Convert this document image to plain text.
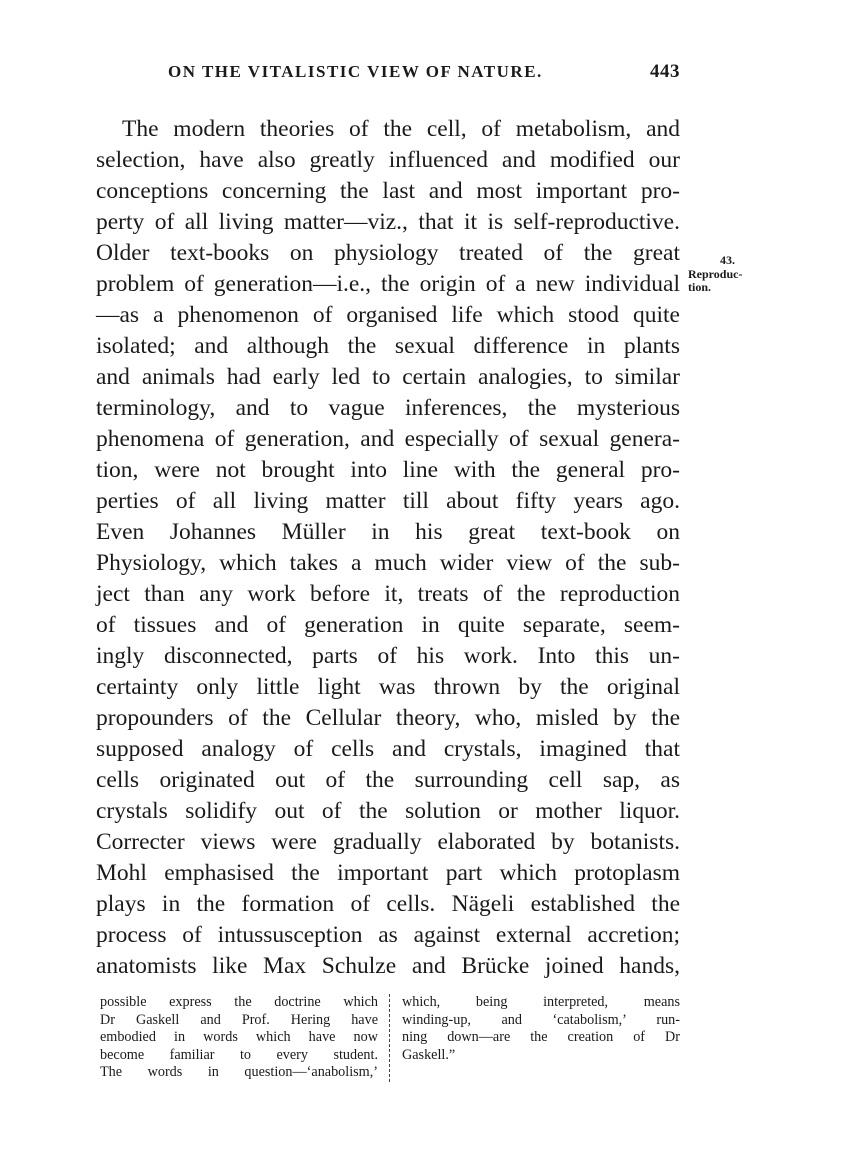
ON THE VITALISTIC VIEW OF NATURE.	443
The modern theories of the cell, of metabolism, and
selection, have also greatly influenced and modified our
conceptions concerning the last and most important pro-
perty of all living matter—viz., that it is self-reproductive.
Older text-books on physiology treated of the great
problem of generation—i.e., the origin of a new individual
—as a phenomenon of organised life which stood quite
isolated; and although the sexual difference in plants
and animals had early led to certain analogies, to similar
terminology, and to vague inferences, the mysterious
phenomena of generation, and especially of sexual genera-
tion, were not brought into line with the general pro-
perties of all living matter till about fifty years ago.
Even Johannes Müller in his great text-book on
Physiology, which takes a much wider view of the sub-
ject than any work before it, treats of the reproduction
of tissues and of generation in quite separate, seem-
ingly disconnected, parts of his work. Into this un-
certainty only little light was thrown by the original
propounders of the Cellular theory, who, misled by the
supposed analogy of cells and crystals, imagined that
cells originated out of the surrounding cell sap, as
crystals solidify out of the solution or mother liquor.
Correcter views were gradually elaborated by botanists.
Mohl emphasised the important part which protoplasm
plays in the formation of cells. Nägeli established the
process of intussusception as against external accretion;
anatomists like Max Schulze and Brücke joined hands,
43.
Reproduc-
tion.
possible express the doctrine which
Dr Gaskell and Prof. Hering have
embodied in words which have now
become familiar to every student.
The words in question—‘anabolism,’
which, being interpreted, means
winding-up, and ‘catabolism,’ run-
ning down—are the creation of Dr
Gaskell.”
